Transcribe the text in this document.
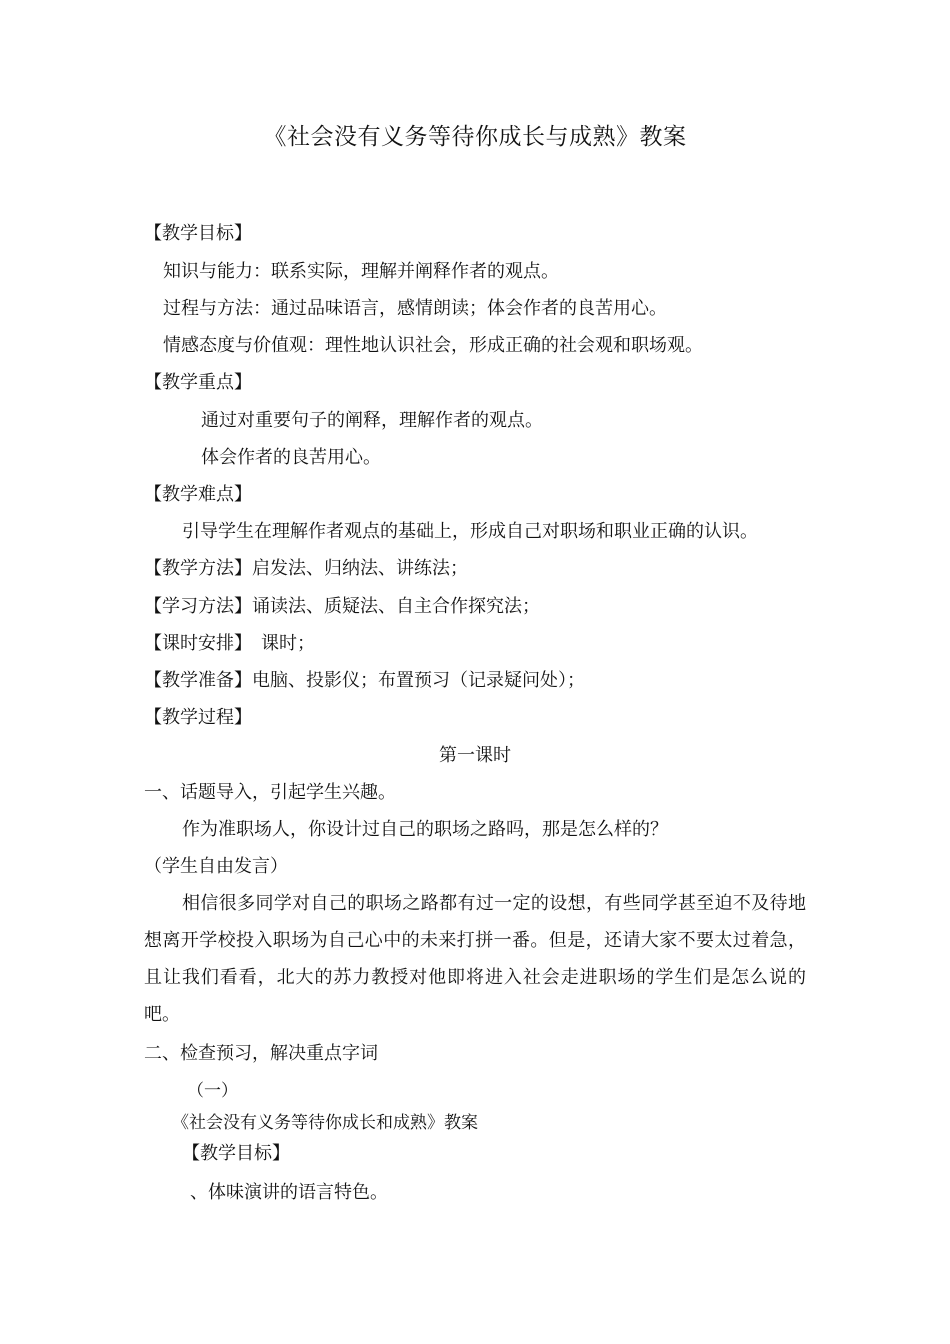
《社会没有义务等待你成长与成熟》教案
【教学目标】
知识与能力：联系实际，理解并阐释作者的观点。
过程与方法：通过品味语言，感情朗读；体会作者的良苦用心。
情感态度与价值观：理性地认识社会，形成正确的社会观和职场观。
【教学重点】
通过对重要句子的阐释，理解作者的观点。
体会作者的良苦用心。
【教学难点】
引导学生在理解作者观点的基础上，形成自己对职场和职业正确的认识。
【教学方法】启发法、归纳法、讲练法；
【学习方法】诵读法、质疑法、自主合作探究法；
【课时安排】　课时；
【教学准备】电脑、投影仪；布置预习（记录疑问处）；
【教学过程】
第一课时
一、话题导入，引起学生兴趣。
作为准职场人，你设计过自己的职场之路吗，那是怎么样的？
（学生自由发言）
相信很多同学对自己的职场之路都有过一定的设想，有些同学甚至迫不及待地想离开学校投入职场为自己心中的未来打拼一番。但是，还请大家不要太过着急，且让我们看看，北大的苏力教授对他即将进入社会走进职场的学生们是怎么说的吧。
二、检查预习，解决重点字词
（一）
《社会没有义务等待你成长和成熟》教案
【教学目标】
、体味演讲的语言特色。
